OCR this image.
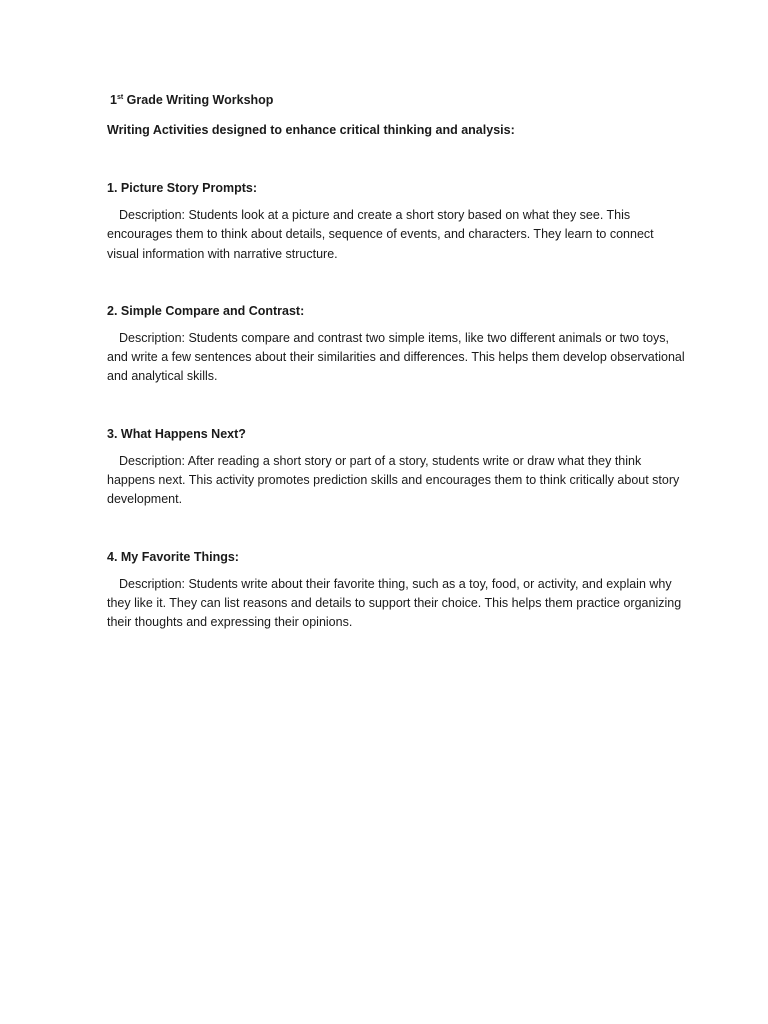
1st Grade Writing Workshop
Writing Activities designed to enhance critical thinking and analysis:
1. Picture Story Prompts:
Description: Students look at a picture and create a short story based on what they see. This encourages them to think about details, sequence of events, and characters. They learn to connect visual information with narrative structure.
2. Simple Compare and Contrast:
Description: Students compare and contrast two simple items, like two different animals or two toys, and write a few sentences about their similarities and differences. This helps them develop observational and analytical skills.
3. What Happens Next?
Description: After reading a short story or part of a story, students write or draw what they think happens next. This activity promotes prediction skills and encourages them to think critically about story development.
4. My Favorite Things:
Description: Students write about their favorite thing, such as a toy, food, or activity, and explain why they like it. They can list reasons and details to support their choice. This helps them practice organizing their thoughts and expressing their opinions.
